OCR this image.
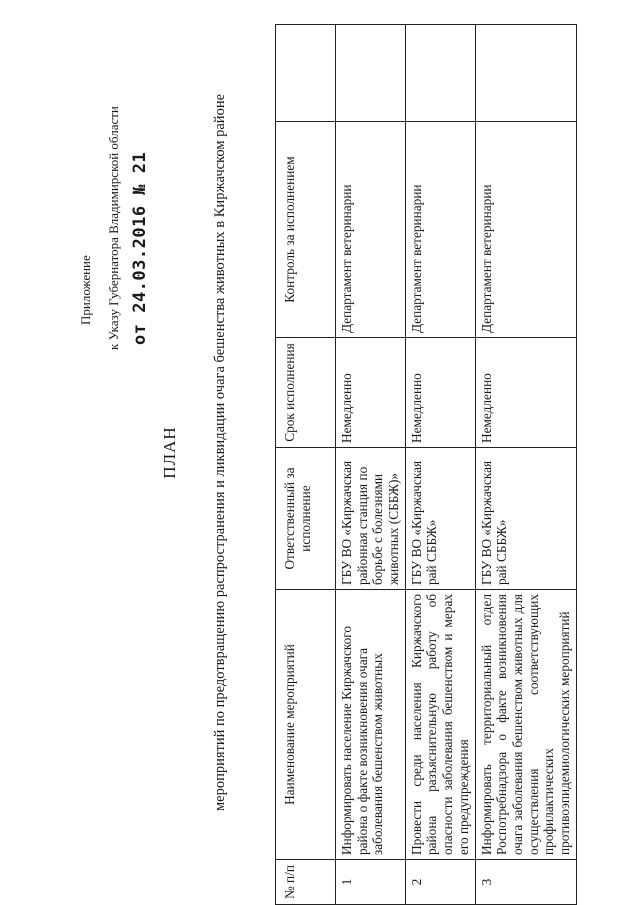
Приложение к Указу Губернатора Владимирской области от 24.03.2016 № 21
ПЛАН мероприятий по предотвращению распространения и ликвидации очага бешенства животных в Киржачском районе
№ п/п	Наименование мероприятий	Ответственный за исполнение	Срок исполнения	Контроль за исполнением	
1	Информировать население Киржачского района о факте возникновения очага заболевания бешенством животных	ГБУ ВО «Киржачская районная станция по борьбе с болезнями животных (СББЖ)»	Немедленно	Департамент ветеринарии	
2	Провести среди населения Киржачского района разъяснительную работу об опасности заболевания бешенством и мерах его предупреждения	ГБУ ВО «Киржачская рай СББЖ»	Немедленно	Департамент ветеринарии	
3	Информировать территориальный отдел Роспотребнадзора о факте возникновения очага заболевания бешенством животных для осуществления соответствующих профилактических противоэпидемиологических мероприятий	ГБУ ВО «Киржачская рай СББЖ»	Немедленно	Департамент ветеринарии	
